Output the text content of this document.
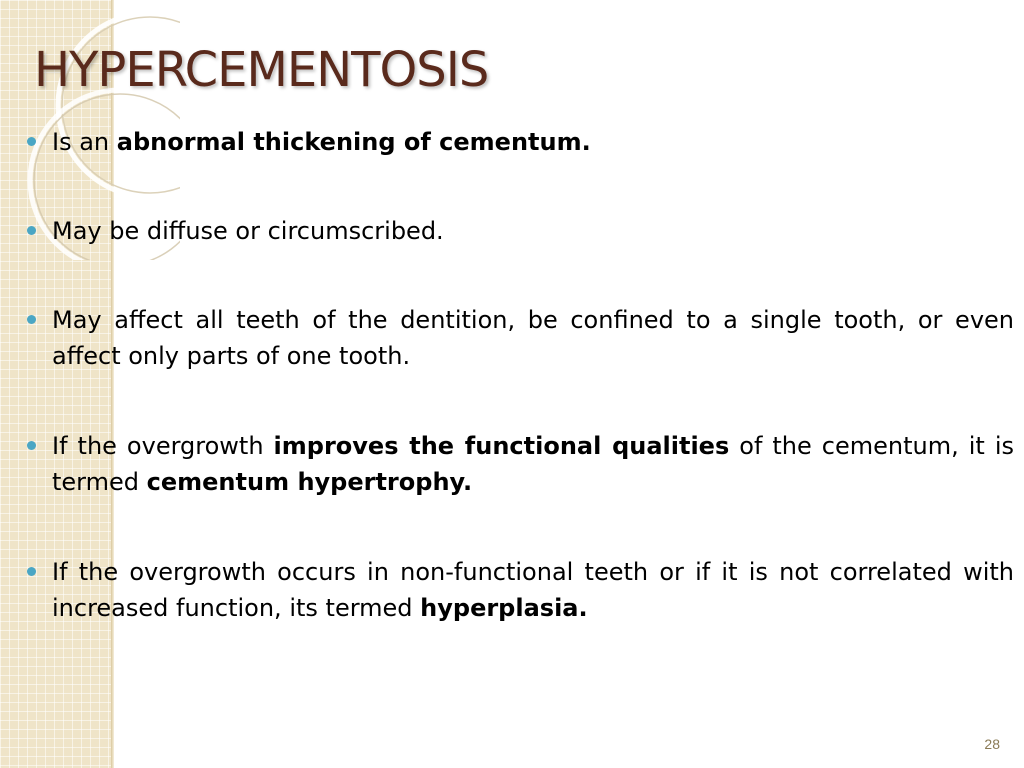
HYPERCEMENTOSIS
Is an abnormal thickening of cementum.
May be diffuse or circumscribed.
May affect all teeth of the dentition, be confined to a single tooth, or even affect only parts of one tooth.
If the overgrowth improves the functional qualities of the cementum, it is termed cementum hypertrophy.
If the overgrowth occurs in non-functional teeth or if it is not correlated with increased function, its termed hyperplasia.
28
